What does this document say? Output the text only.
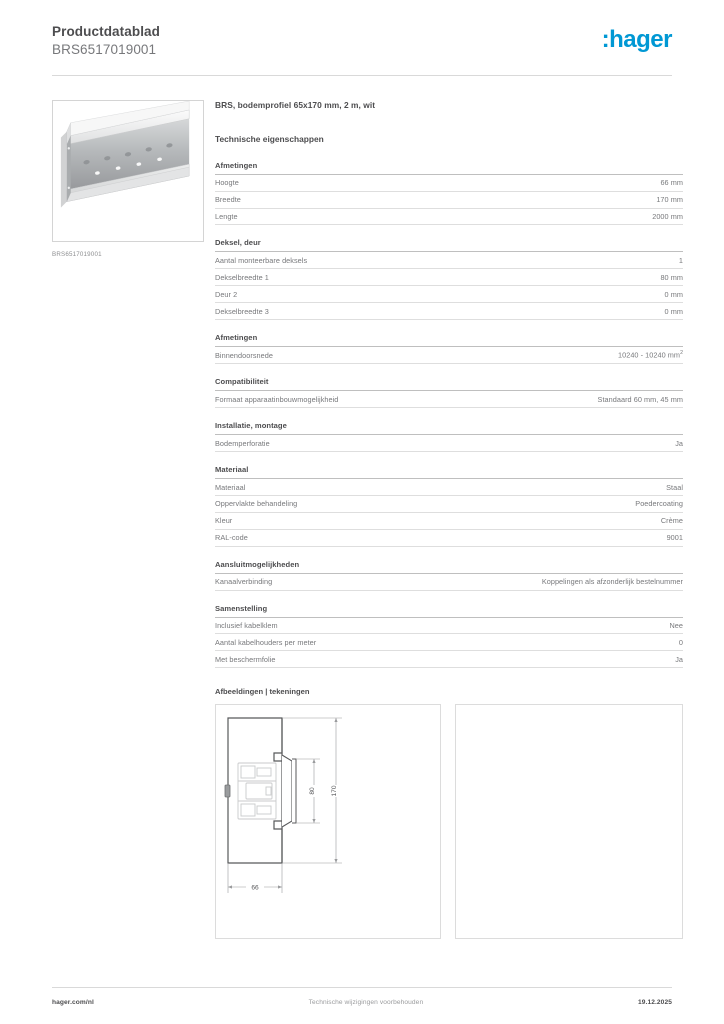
Productdatablad
BRS6517019001	:hager
BRS6517019001
BRS, bodemprofiel 65x170 mm, 2 m, wit
Technische eigenschappen
Afmetingen
Hoogte	66 mm
Breedte	170 mm
Lengte	2000 mm
Deksel, deur
Aantal monteerbare deksels	1
Dekselbreedte 1	80 mm
Deur 2	0 mm
Dekselbreedte 3	0 mm
Afmetingen
Binnendoorsnede	10240 - 10240 $mm^2$
Compatibiliteit
Formaat apparaatinbouwmogelijkheid	Standaard 60 mm, 45 mm
Installatie, montage
Bodemperforatie	Ja
Materiaal
Materiaal	Staal
Oppervlakte behandeling	Poedercoating
Kleur	Crème
RAL-code	9001
Aansluitmogelijkheden
Kanaalverbinding	Koppelingen als afzonderlijk bestelnummer
Samenstelling
Inclusief kabelklem	Nee
Aantal kabelhouders per meter	0
Met beschermfolie	Ja
Afbeeldingen | tekeningen
80 170
66
hager.com/nl	Technische wijzigingen voorbehouden	19.12.2025
